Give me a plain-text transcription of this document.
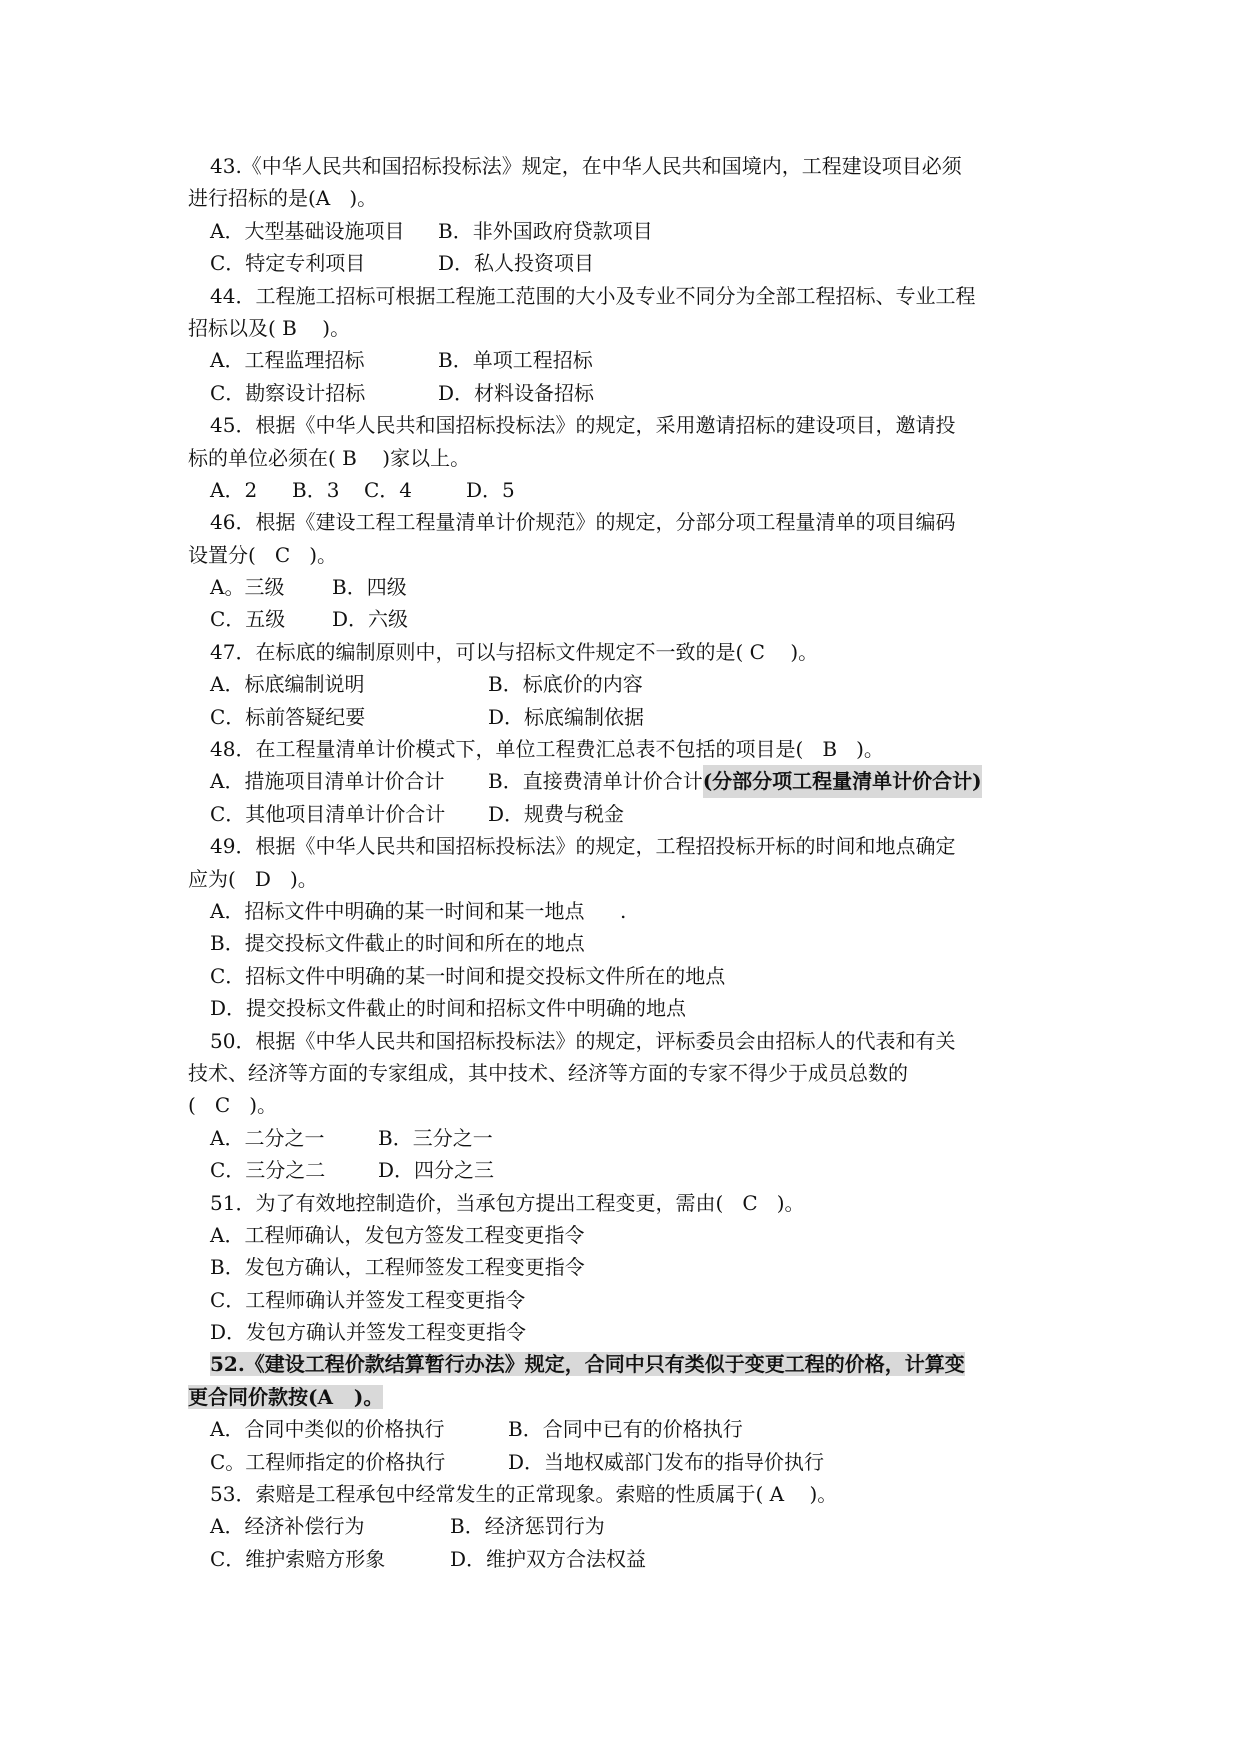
43.《中华人民共和国招标投标法》规定，在中华人民共和国境内，工程建设项目必须
进行招标的是(A   )。
A．大型基础设施项目 B．非外国政府贷款项目
C．特定专利项目	D．私人投资项目
44．工程施工招标可根据工程施工范围的大小及专业不同分为全部工程招标、专业工程
招标以及( B    )。
A．工程监理招标	B．单项工程招标
C．勘察设计招标	D．材料设备招标
45．根据《中华人民共和国招标投标法》的规定，采用邀请招标的建设项目，邀请投
标的单位必须在( B    )家以上。
A．2 B．3 C．4	D．5
46．根据《建设工程工程量清单计价规范》的规定，分部分项工程量清单的项目编码
设置分(   C   )。
A。三级 B．四级
C．五级 D．六级
47．在标底的编制原则中，可以与招标文件规定不一致的是( C    )。
A．标底编制说明	B．标底价的内容
C．标前答疑纪要	D．标底编制依据
48．在工程量清单计价模式下，单位工程费汇总表不包括的项目是(   B   )。
A．措施项目清单计价合计 B．直接费清单计价合计(分部分项工程量清单计价合计)
C．其他项目清单计价合计 D．规费与税金
49．根据《中华人民共和国招标投标法》的规定，工程招投标开标的时间和地点确定
应为(   D   )。
A．招标文件中明确的某一时间和某一地点 .
B．提交投标文件截止的时间和所在的地点
C．招标文件中明确的某一时间和提交投标文件所在的地点
D．提交投标文件截止的时间和招标文件中明确的地点
50．根据《中华人民共和国招标投标法》的规定，评标委员会由招标人的代表和有关
技术、经济等方面的专家组成，其中技术、经济等方面的专家不得少于成员总数的
(   C   )。
A．二分之一	B．三分之一
C．三分之二	D．四分之三
51．为了有效地控制造价，当承包方提出工程变更，需由(   C   )。
A．工程师确认，发包方签发工程变更指令
B．发包方确认，工程师签发工程变更指令
C．工程师确认并签发工程变更指令
D．发包方确认并签发工程变更指令
52.《建设工程价款结算暂行办法》规定，合同中只有类似于变更工程的价格，计算变
更合同价款按(A   )。
A．合同中类似的价格执行	B．合同中已有的价格执行
C。工程师指定的价格执行	D．当地权威部门发布的指导价执行
53．索赔是工程承包中经常发生的正常现象。索赔的性质属于( A    )。
A．经济补偿行为	B．经济惩罚行为
C．维护索赔方形象	D．维护双方合法权益
